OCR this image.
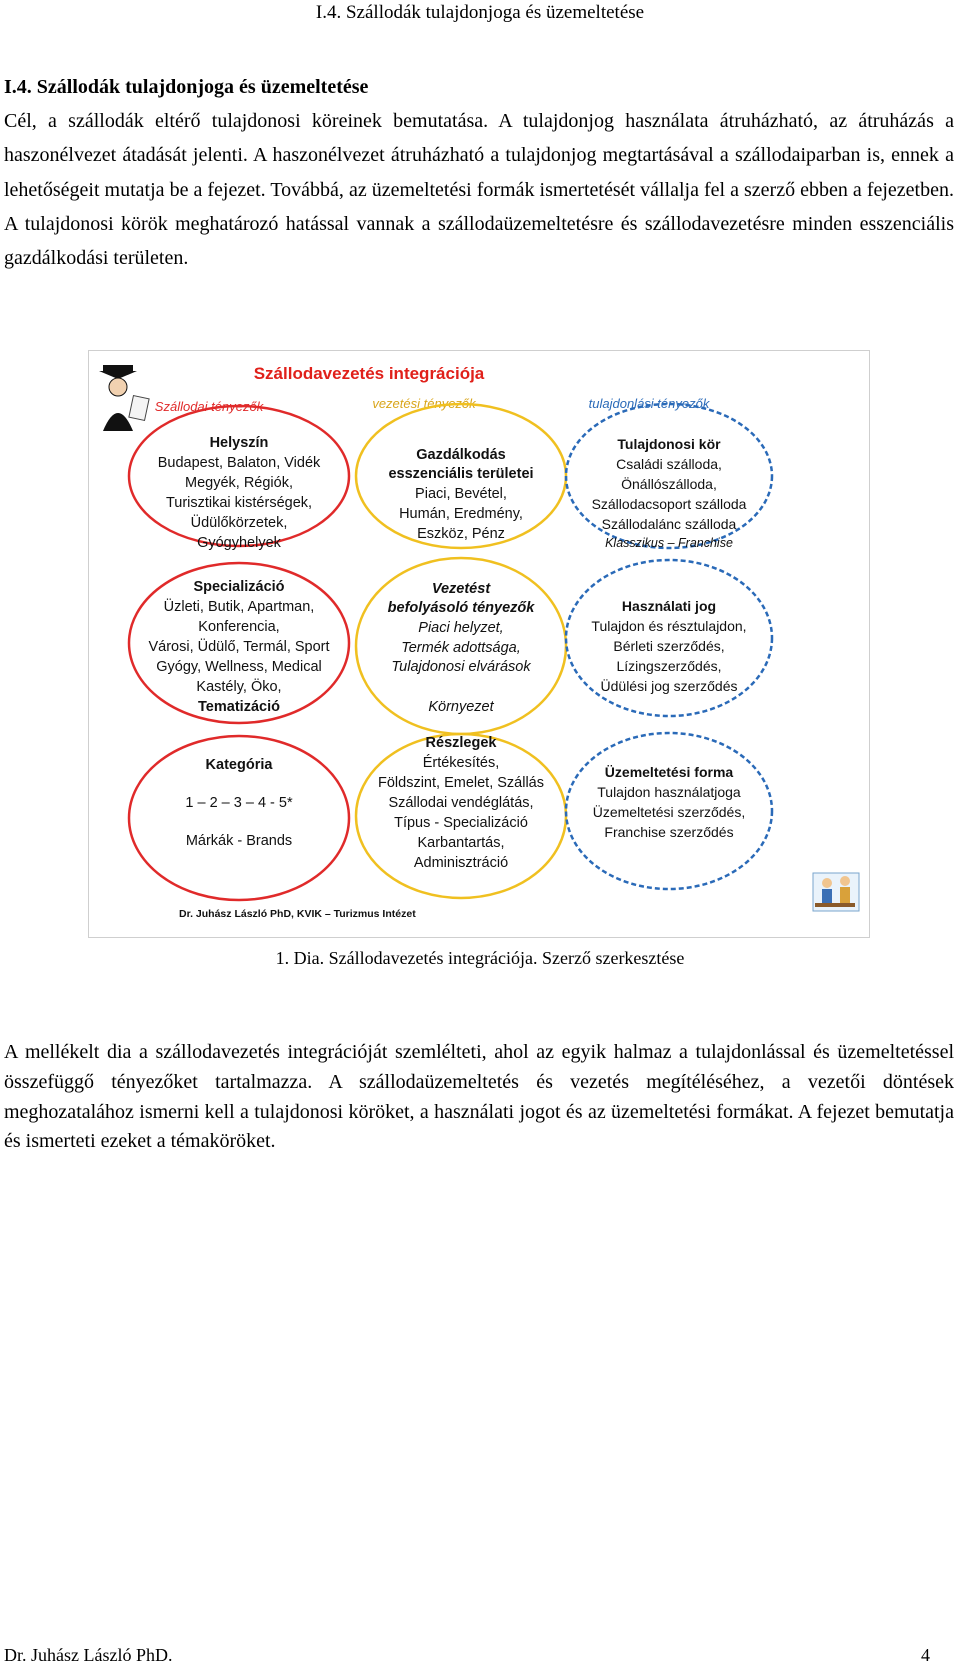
I.4. Szállodák tulajdonjoga és üzemeltetése
I.4. Szállodák tulajdonjoga és üzemeltetése

Cél, a szállodák eltérő tulajdonosi köreinek bemutatása. A tulajdonjog használata átruházható, az átruházás a haszonélvezet átadását jelenti. A haszonélvezet átruházható a tulajdonjog megtartásával a szállodaiparban is, ennek a lehetőségeit mutatja be a fejezet. Továbbá, az üzemeltetési formák ismertetését vállalja fel a szerző ebben a fejezetben. A tulajdonosi körök meghatározó hatással vannak a szállodaüzemeltetésre és szállodavezetésre minden esszenciális gazdálkodási területen.

Szállodavezetés integrációja
Szállodai tényezők	vezetési tényezők	tulajdonlási tényezők
Helyszín
Budapest, Balaton, Vidék
Megyék, Régiók,
Turisztikai kistérségek,
Üdülőkörzetek,
Gyógyhelyek
Gazdálkodás
esszenciális területei
Piaci, Bevétel,
Humán, Eredmény,
Eszköz, Pénz
Tulajdonosi kör
Családi szálloda,
Önállószálloda,
Szállodacsoport szálloda
Szállodalánc szálloda
Klasszikus – Franchise
Specializáció
Üzleti, Butik, Apartman,
Konferencia,
Városi, Üdülő, Termál, Sport
Gyógy, Wellness, Medical
Kastély, Öko,
Tematizáció
Vezetést
befolyásoló tényezők
Piaci helyzet,
Termék adottsága,
Tulajdonosi elvárások
Környezet
Használati jog
Tulajdon és résztulajdon,
Bérleti szerződés,
Lízingszerződés,
Üdülési jog szerződés
Kategória
1 – 2 – 3 – 4 - 5*
Márkák - Brands
Részlegek
Értékesítés,
Földszint, Emelet, Szállás
Szállodai vendéglátás,
Típus - Specializáció
Karbantartás,
Adminisztráció
Üzemeltetési forma
Tulajdon használatjoga
Üzemeltetési szerződés,
Franchise szerződés
Dr. Juhász László PhD, KVIK – Turizmus Intézet
1. Dia. Szállodavezetés integrációja. Szerző szerkesztése

A mellékelt dia a szállodavezetés integrációját szemlélteti, ahol az egyik halmaz a tulajdonlással és üzemeltetéssel összefüggő tényezőket tartalmazza. A szállodaüzemeltetés és vezetés megítéléséhez, a vezetői döntések meghozatalához ismerni kell a tulajdonosi köröket, a használati jogot és az üzemeltetési formákat. A fejezet bemutatja és ismerteti ezeket a témaköröket.

Dr. Juhász László PhD.	4
